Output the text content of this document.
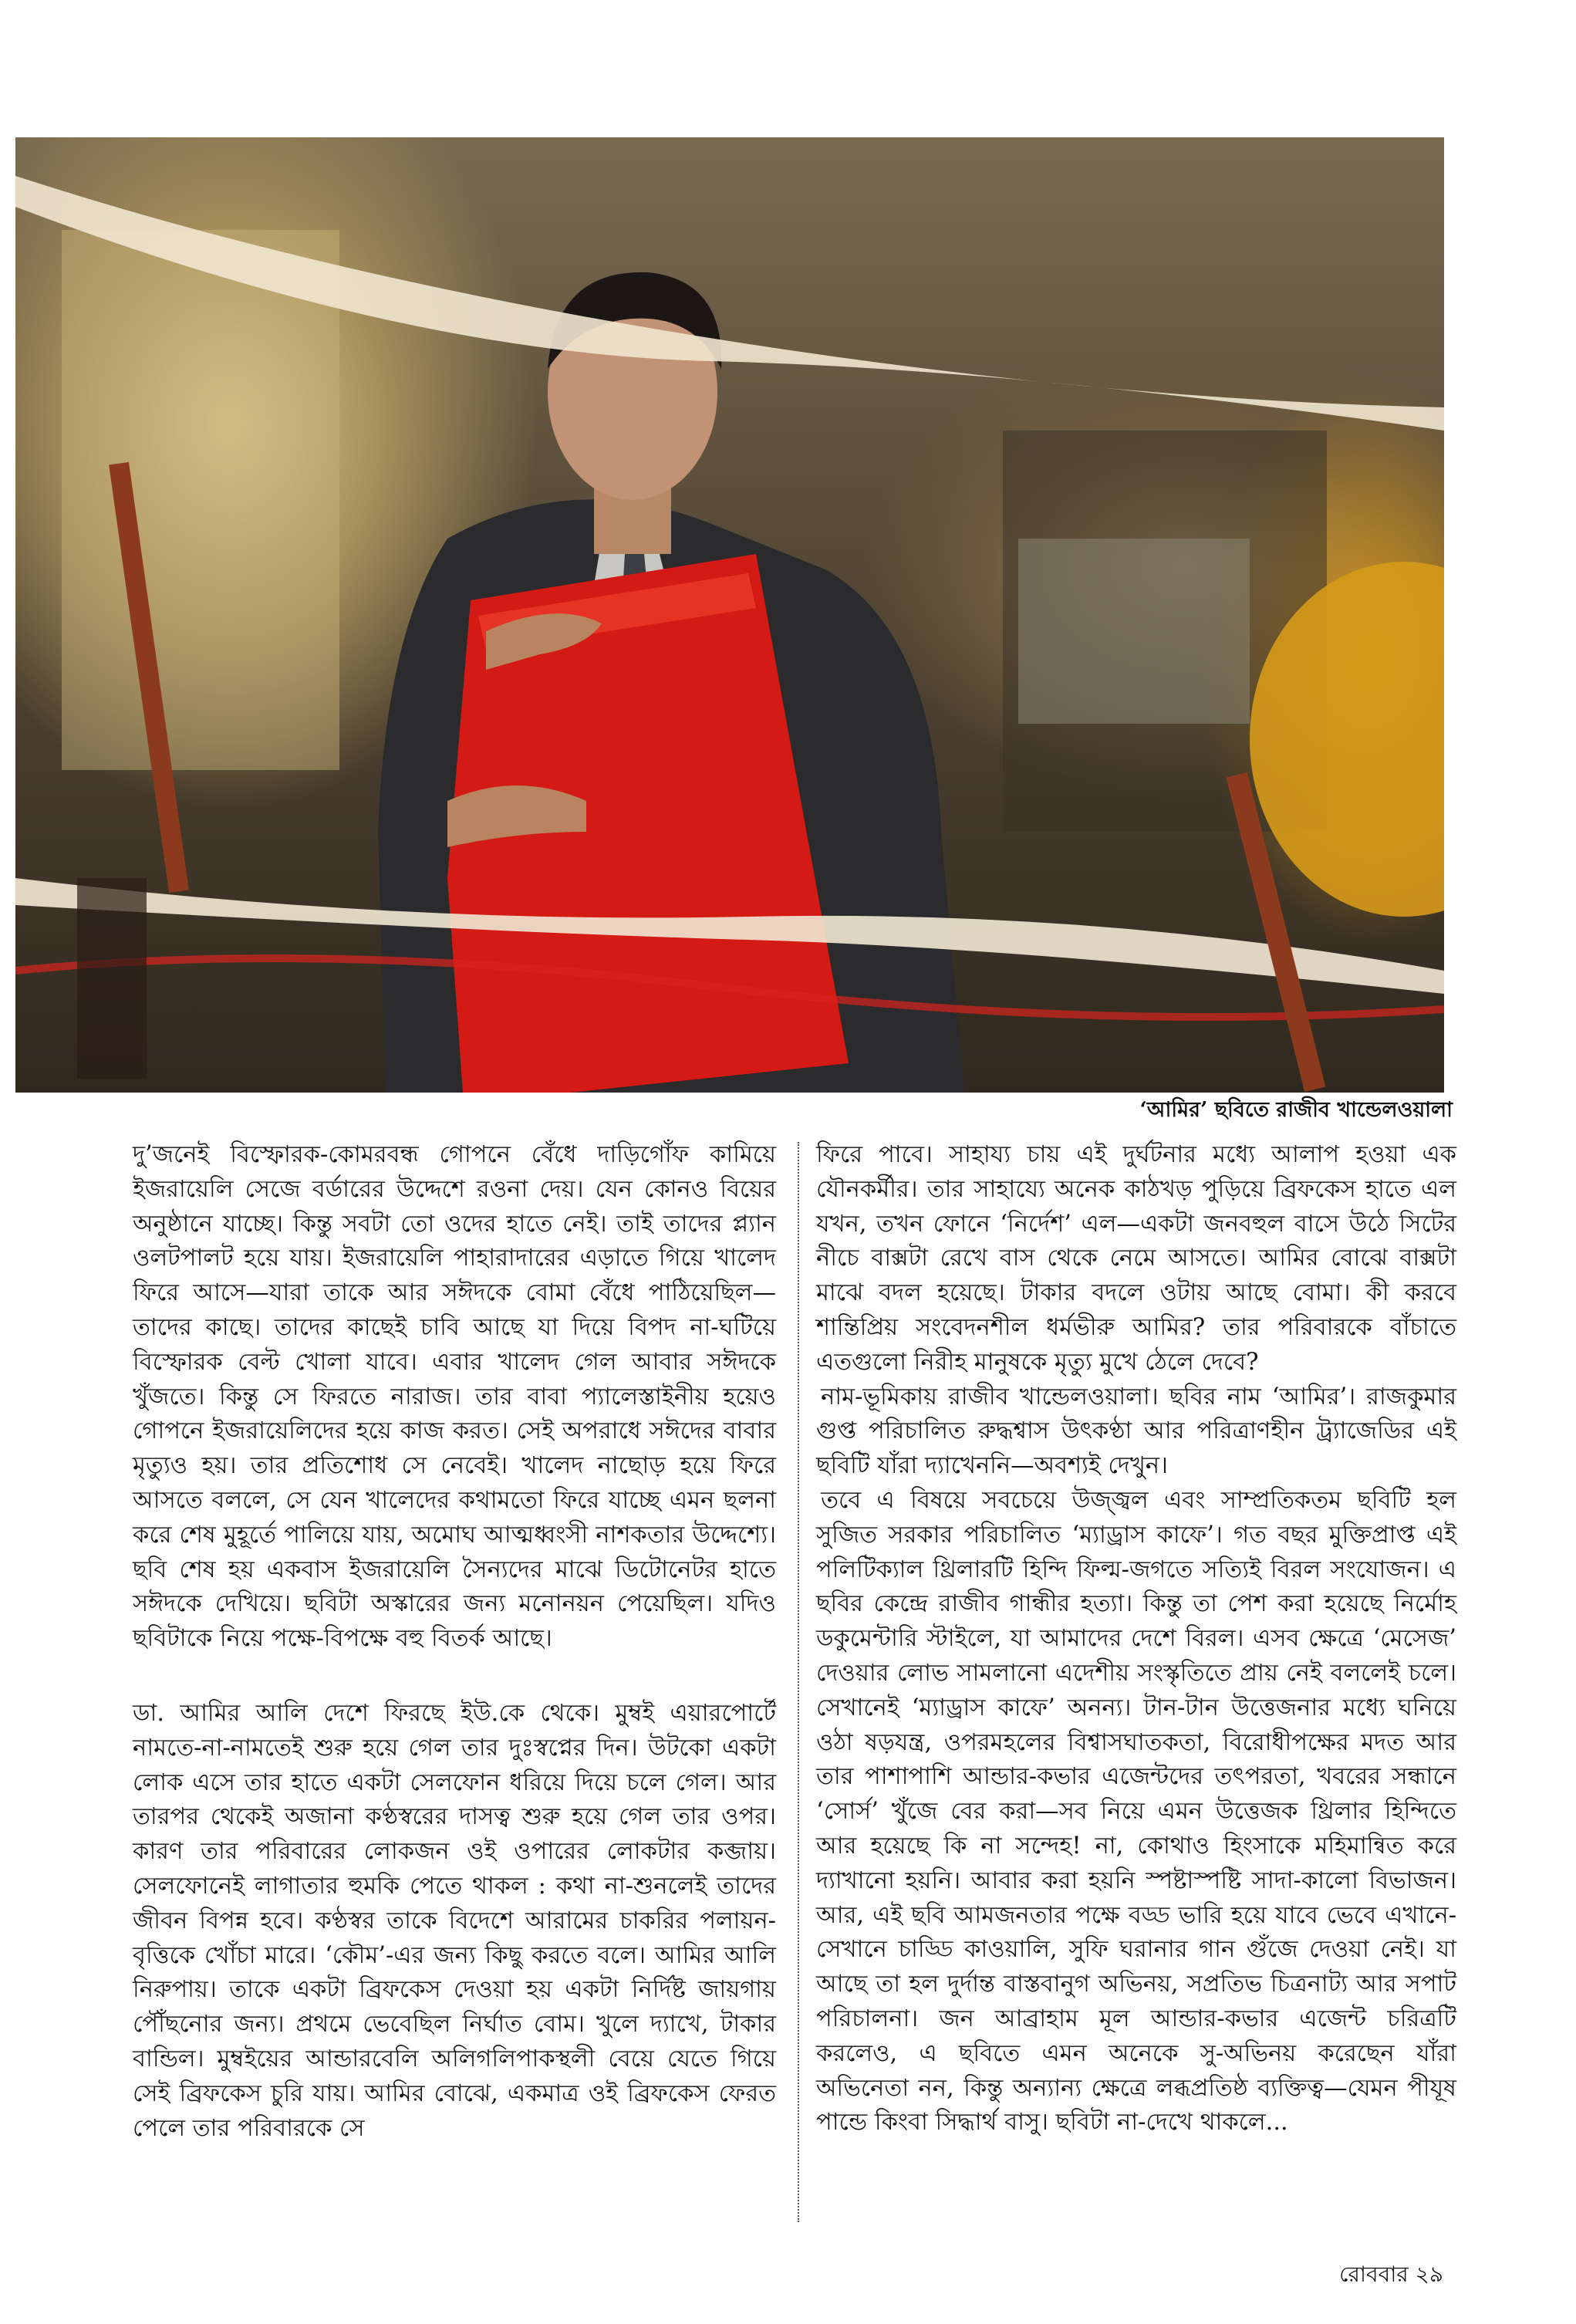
‘আমির’ ছবিতে রাজীব খান্ডেলওয়ালা

দু’জনেই বিস্ফোরক-কোমরবন্ধ গোপনে বেঁধে দাড়িগোঁফ কামিয়ে ইজরায়েলি সেজে বর্ডারের উদ্দেশে রওনা দেয়। যেন কোনও বিয়ের অনুষ্ঠানে যাচ্ছে। কিন্তু সবটা তো ওদের হাতে নেই। তাই তাদের প্ল্যান ওলটপালট হয়ে যায়। ইজরায়েলি পাহারাদারের এড়াতে গিয়ে খালেদ ফিরে আসে—যারা তাকে আর সঈদকে বোমা বেঁধে পাঠিয়েছিল—তাদের কাছে। তাদের কাছেই চাবি আছে যা দিয়ে বিপদ না-ঘটিয়ে বিস্ফোরক বেল্ট খোলা যাবে। এবার খালেদ গেল আবার সঈদকে খুঁজতে। কিন্তু সে ফিরতে নারাজ। তার বাবা প্যালেস্তাইনীয় হয়েও গোপনে ইজরায়েলিদের হয়ে কাজ করত। সেই অপরাধে সঈদের বাবার মৃত্যুও হয়। তার প্রতিশোধ সে নেবেই। খালেদ নাছোড় হয়ে ফিরে আসতে বললে, সে যেন খালেদের কথামতো ফিরে যাচ্ছে এমন ছলনা করে শেষ মুহূর্তে পালিয়ে যায়, অমোঘ আত্মধ্বংসী নাশকতার উদ্দেশ্যে। ছবি শেষ হয় একবাস ইজরায়েলি সৈন্যদের মাঝে ডিটোনেটর হাতে সঈদকে দেখিয়ে। ছবিটা অস্কারের জন্য মনোনয়ন পেয়েছিল। যদিও ছবিটাকে নিয়ে পক্ষে-বিপক্ষে বহু বিতর্ক আছে।

ডা. আমির আলি দেশে ফিরছে ইউ.কে থেকে। মুম্বই এয়ারপোর্টে নামতে-না-নামতেই শুরু হয়ে গেল তার দুঃস্বপ্নের দিন। উটকো একটা লোক এসে তার হাতে একটা সেলফোন ধরিয়ে দিয়ে চলে গেল। আর তারপর থেকেই অজানা কণ্ঠস্বরের দাসত্ব শুরু হয়ে গেল তার ওপর। কারণ তার পরিবারের লোকজন ওই ওপারের লোকটার কব্জায়। সেলফোনেই লাগাতার হুমকি পেতে থাকল : কথা না-শুনলেই তাদের জীবন বিপন্ন হবে। কণ্ঠস্বর তাকে বিদেশে আরামের চাকরির পলায়ন-বৃত্তিকে খোঁচা মারে। ‘কৌম’-এর জন্য কিছু করতে বলে। আমির আলি নিরুপায়। তাকে একটা ব্রিফকেস দেওয়া হয় একটা নির্দিষ্ট জায়গায় পৌঁছনোর জন্য। প্রথমে ভেবেছিল নির্ঘাত বোম। খুলে দ্যাখে, টাকার বান্ডিল। মুম্বইয়ের আন্ডারবেলি অলিগলিপাকস্থলী বেয়ে যেতে গিয়ে সেই ব্রিফকেস চুরি যায়। আমির বোঝে, একমাত্র ওই ব্রিফকেস ফেরত পেলে তার পরিবারকে সে

ফিরে পাবে। সাহায্য চায় এই দুর্ঘটনার মধ্যে আলাপ হওয়া এক যৌনকর্মীর। তার সাহায্যে অনেক কাঠখড় পুড়িয়ে ব্রিফকেস হাতে এল যখন, তখন ফোনে ‘নির্দেশ’ এল—একটা জনবহুল বাসে উঠে সিটের নীচে বাক্সটা রেখে বাস থেকে নেমে আসতে। আমির বোঝে বাক্সটা মাঝে বদল হয়েছে। টাকার বদলে ওটায় আছে বোমা। কী করবে শান্তিপ্রিয় সংবেদনশীল ধর্মভীরু আমির? তার পরিবারকে বাঁচাতে এতগুলো নিরীহ মানুষকে মৃত্যু মুখে ঠেলে দেবে?

নাম-ভূমিকায় রাজীব খান্ডেলওয়ালা। ছবির নাম ‘আমির’। রাজকুমার গুপ্ত পরিচালিত রুদ্ধশ্বাস উৎকণ্ঠা আর পরিত্রাণহীন ট্র্যাজেডির এই ছবিটি যাঁরা দ্যাখেননি—অবশ্যই দেখুন।

তবে এ বিষয়ে সবচেয়ে উজ্জ্বল এবং সাম্প্রতিকতম ছবিটি হল সুজিত সরকার পরিচালিত ‘ম্যাড্রাস কাফে’। গত বছর মুক্তিপ্রাপ্ত এই পলিটিক্যাল থ্রিলারটি হিন্দি ফিল্ম-জগতে সত্যিই বিরল সংযোজন। এ ছবির কেন্দ্রে রাজীব গান্ধীর হত্যা। কিন্তু তা পেশ করা হয়েছে নির্মোহ ডকুমেন্টারি স্টাইলে, যা আমাদের দেশে বিরল। এসব ক্ষেত্রে ‘মেসেজ’ দেওয়ার লোভ সামলানো এদেশীয় সংস্কৃতিতে প্রায় নেই বললেই চলে। সেখানেই ‘ম্যাড্রাস কাফে’ অনন্য। টান-টান উত্তেজনার মধ্যে ঘনিয়ে ওঠা ষড়যন্ত্র, ওপরমহলের বিশ্বাসঘাতকতা, বিরোধীপক্ষের মদত আর তার পাশাপাশি আন্ডার-কভার এজেন্টদের তৎপরতা, খবরের সন্ধানে ‘সোর্স’ খুঁজে বের করা—সব নিয়ে এমন উত্তেজক থ্রিলার হিন্দিতে আর হয়েছে কি না সন্দেহ! না, কোথাও হিংসাকে মহিমান্বিত করে দ্যাখানো হয়নি। আবার করা হয়নি স্পষ্টাস্পষ্টি সাদা-কালো বিভাজন। আর, এই ছবি আমজনতার পক্ষে বড্ড ভারি হয়ে যাবে ভেবে এখানে-সেখানে চাড্ডি কাওয়ালি, সুফি ঘরানার গান গুঁজে দেওয়া নেই। যা আছে তা হল দুর্দান্ত বাস্তবানুগ অভিনয়, সপ্রতিভ চিত্রনাট্য আর সপাট পরিচালনা। জন আব্রাহাম মূল আন্ডার-কভার এজেন্ট চরিত্রটি করলেও, এ ছবিতে এমন অনেকে সু-অভিনয় করেছেন যাঁরা অভিনেতা নন, কিন্তু অন্যান্য ক্ষেত্রে লব্ধপ্রতিষ্ঠ ব্যক্তিত্ব—যেমন পীযূষ পান্ডে কিংবা সিদ্ধার্থ বাসু। ছবিটা না-দেখে থাকলে...

রোববার ২৯
